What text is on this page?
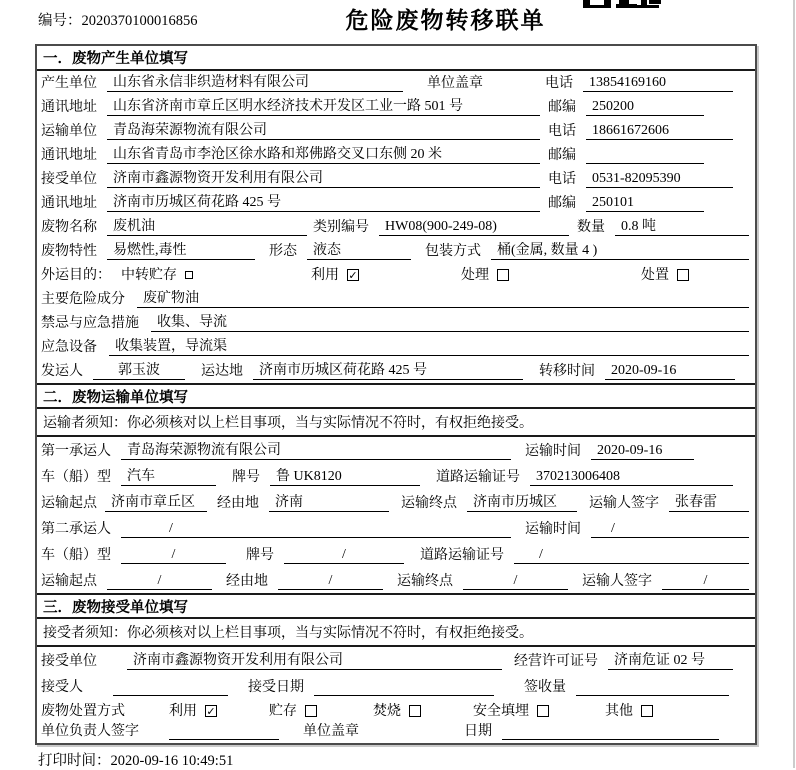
编号：2020370100016856	危险废物转移联单
一．废物产生单位填写
产生单位	山东省永信非织造材料有限公司	单位盖章	电话	13854169160
通讯地址	山东省济南市章丘区明水经济技术开发区工业一路 501 号	邮编	250200
运输单位	青岛海荣源物流有限公司	电话	18661672606
通讯地址	山东省青岛市李沧区徐水路和郑佛路交叉口东侧 20 米	邮编
接受单位	济南市鑫源物资开发利用有限公司	电话	0531-82095390
通讯地址	济南市历城区荷花路 425 号	邮编	250101
废物名称	废机油	类别编号	HW08(900-249-08)	数量	0.8 吨
废物特性	易燃性,毒性	形态	液态	包装方式	桶(金属, 数量 4 )
外运目的： 中转贮存	利用 ✓	处理	处置
主要危险成分	废矿物油
禁忌与应急措施	收集、导流
应急设备	收集装置，导流渠
发运人	郭玉波	运达地	济南市历城区荷花路 425 号	转移时间	2020-09-16
二．废物运输单位填写
运输者须知：你必须核对以上栏目事项，当与实际情况不符时，有权拒绝接受。
第一承运人	青岛海荣源物流有限公司	运输时间	2020-09-16
车（船）型	汽车	牌号	鲁 UK8120	道路运输证号	370213006408
运输起点	济南市章丘区	经由地	济南	运输终点	济南市历城区	运输人签字	张春雷
第二承运人	/	运输时间	/
车（船）型	/	牌号	/	道路运输证号	/
运输起点	/	经由地	/	运输终点	/	运输人签字	/
三．废物接受单位填写
接受者须知：你必须核对以上栏目事项，当与实际情况不符时，有权拒绝接受。
接受单位	济南市鑫源物资开发利用有限公司	经营许可证号	济南危证 02 号
接受人	接受日期	签收量
废物处置方式	利用 ✓	贮存	焚烧	安全填埋	其他
单位负责人签字	单位盖章	日期
打印时间：2020-09-16 10:49:51
